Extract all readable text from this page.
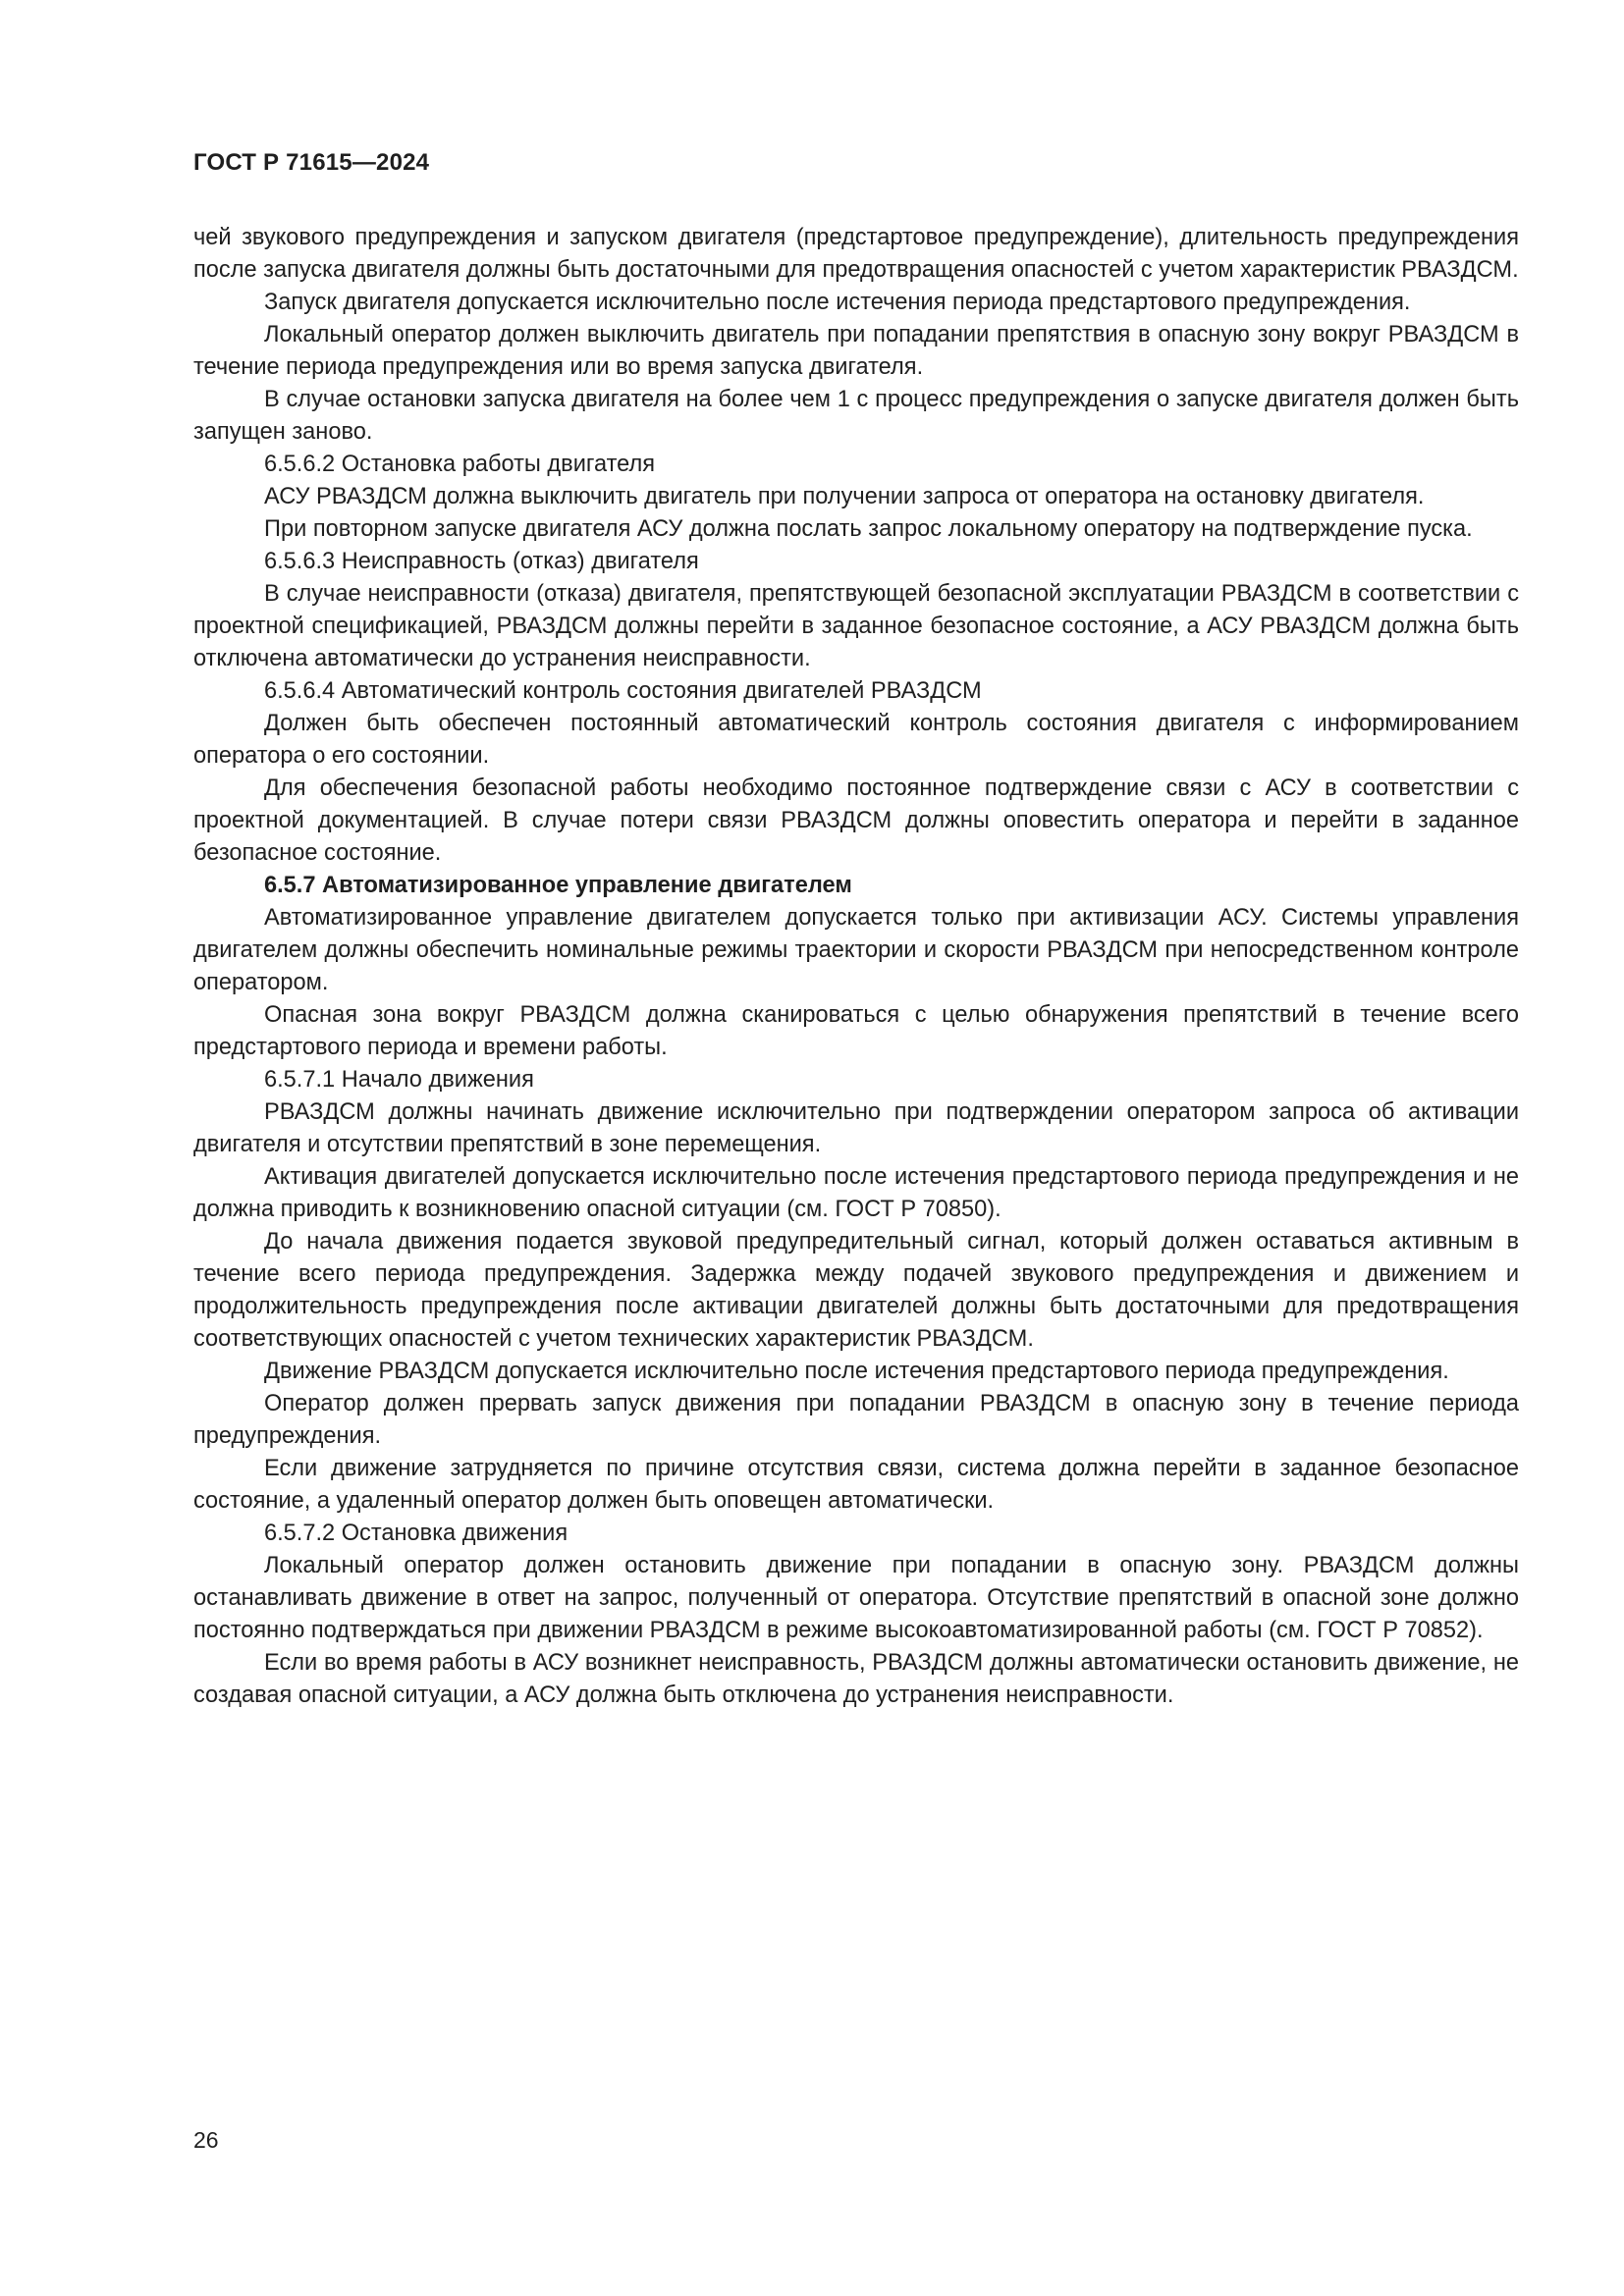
ГОСТ Р 71615—2024

чей звукового предупреждения и запуском двигателя (предстартовое предупреждение), длительность предупреждения после запуска двигателя должны быть достаточными для предотвращения опасностей с учетом характеристик РВАЗДСМ.

Запуск двигателя допускается исключительно после истечения периода предстартового предупреждения.

Локальный оператор должен выключить двигатель при попадании препятствия в опасную зону вокруг РВАЗДСМ в течение периода предупреждения или во время запуска двигателя.

В случае остановки запуска двигателя на более чем 1 с процесс предупреждения о запуске двигателя должен быть запущен заново.

6.5.6.2 Остановка работы двигателя

АСУ РВАЗДСМ должна выключить двигатель при получении запроса от оператора на остановку двигателя.

При повторном запуске двигателя АСУ должна послать запрос локальному оператору на подтверждение пуска.

6.5.6.3 Неисправность (отказ) двигателя

В случае неисправности (отказа) двигателя, препятствующей безопасной эксплуатации РВАЗДСМ в соответствии с проектной спецификацией, РВАЗДСМ должны перейти в заданное безопасное состояние, а АСУ РВАЗДСМ должна быть отключена автоматически до устранения неисправности.

6.5.6.4 Автоматический контроль состояния двигателей РВАЗДСМ

Должен быть обеспечен постоянный автоматический контроль состояния двигателя с информированием оператора о его состоянии.

Для обеспечения безопасной работы необходимо постоянное подтверждение связи с АСУ в соответствии с проектной документацией. В случае потери связи РВАЗДСМ должны оповестить оператора и перейти в заданное безопасное состояние.

6.5.7 Автоматизированное управление двигателем

Автоматизированное управление двигателем допускается только при активизации АСУ. Системы управления двигателем должны обеспечить номинальные режимы траектории и скорости РВАЗДСМ при непосредственном контроле оператором.

Опасная зона вокруг РВАЗДСМ должна сканироваться с целью обнаружения препятствий в течение всего предстартового периода и времени работы.

6.5.7.1 Начало движения

РВАЗДСМ должны начинать движение исключительно при подтверждении оператором запроса об активации двигателя и отсутствии препятствий в зоне перемещения.

Активация двигателей допускается исключительно после истечения предстартового периода предупреждения и не должна приводить к возникновению опасной ситуации (см. ГОСТ Р 70850).

До начала движения подается звуковой предупредительный сигнал, который должен оставаться активным в течение всего периода предупреждения. Задержка между подачей звукового предупреждения и движением и продолжительность предупреждения после активации двигателей должны быть достаточными для предотвращения соответствующих опасностей с учетом технических характеристик РВАЗДСМ.

Движение РВАЗДСМ допускается исключительно после истечения предстартового периода предупреждения.

Оператор должен прервать запуск движения при попадании РВАЗДСМ в опасную зону в течение периода предупреждения.

Если движение затрудняется по причине отсутствия связи, система должна перейти в заданное безопасное состояние, а удаленный оператор должен быть оповещен автоматически.

6.5.7.2 Остановка движения

Локальный оператор должен остановить движение при попадании в опасную зону. РВАЗДСМ должны останавливать движение в ответ на запрос, полученный от оператора. Отсутствие препятствий в опасной зоне должно постоянно подтверждаться при движении РВАЗДСМ в режиме высокоавтоматизированной работы (см. ГОСТ Р 70852).

Если во время работы в АСУ возникнет неисправность, РВАЗДСМ должны автоматически остановить движение, не создавая опасной ситуации, а АСУ должна быть отключена до устранения неисправности.

26
